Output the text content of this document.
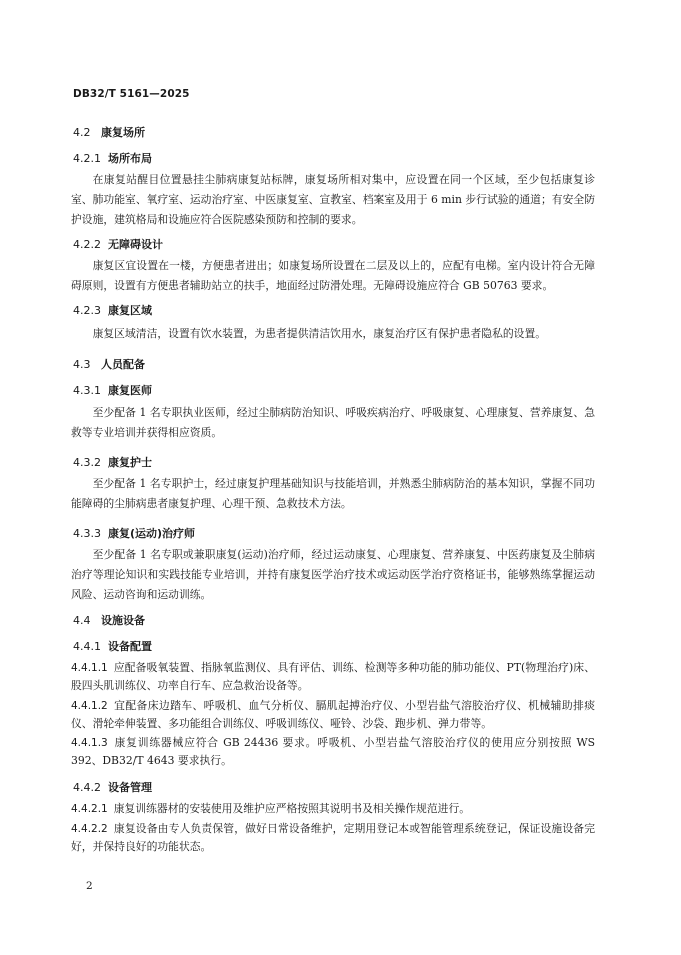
DB32/T 5161—2025
4.2 康复场所
4.2.1 场所布局

在康复站醒目位置悬挂尘肺病康复站标牌，康复场所相对集中，应设置在同一个区域，至少包括康复诊室、肺功能室、氧疗室、运动治疗室、中医康复室、宣教室、档案室及用于 6 min 步行试验的通道；有安全防护设施，建筑格局和设施应符合医院感染预防和控制的要求。

4.2.2 无障碍设计

康复区宜设置在一楼，方便患者进出；如康复场所设置在二层及以上的，应配有电梯。室内设计符合无障碍原则，设置有方便患者辅助站立的扶手，地面经过防滑处理。无障碍设施应符合 GB 50763 要求。

4.2.3 康复区域

康复区域清洁，设置有饮水装置，为患者提供清洁饮用水，康复治疗区有保护患者隐私的设置。

4.3 人员配备
4.3.1 康复医师

至少配备 1 名专职执业医师，经过尘肺病防治知识、呼吸疾病治疗、呼吸康复、心理康复、营养康复、急救等专业培训并获得相应资质。

4.3.2 康复护士

至少配备 1 名专职护士，经过康复护理基础知识与技能培训，并熟悉尘肺病防治的基本知识，掌握不同功能障碍的尘肺病患者康复护理、心理干预、急救技术方法。

4.3.3 康复(运动)治疗师

至少配备 1 名专职或兼职康复(运动)治疗师，经过运动康复、心理康复、营养康复、中医药康复及尘肺病治疗等理论知识和实践技能专业培训，并持有康复医学治疗技术或运动医学治疗资格证书，能够熟练掌握运动风险、运动咨询和运动训练。

4.4 设施设备
4.4.1 设备配置

4.4.1.1 应配备吸氧装置、指脉氧监测仪、具有评估、训练、检测等多种功能的肺功能仪、PT(物理治疗)床、股四头肌训练仪、功率自行车、应急救治设备等。

4.4.1.2 宜配备床边踏车、呼吸机、血气分析仪、膈肌起搏治疗仪、小型岩盐气溶胶治疗仪、机械辅助排痰仪、滑轮牵伸装置、多功能组合训练仪、呼吸训练仪、哑铃、沙袋、跑步机、弹力带等。

4.4.1.3 康复训练器械应符合 GB 24436 要求。呼吸机、小型岩盐气溶胶治疗仪的使用应分别按照 WS 392、DB32/T 4643 要求执行。

4.4.2 设备管理

4.4.2.1 康复训练器材的安装使用及维护应严格按照其说明书及相关操作规范进行。

4.4.2.2 康复设备由专人负责保管，做好日常设备维护，定期用登记本或智能管理系统登记，保证设施设备完好，并保持良好的功能状态。

2
